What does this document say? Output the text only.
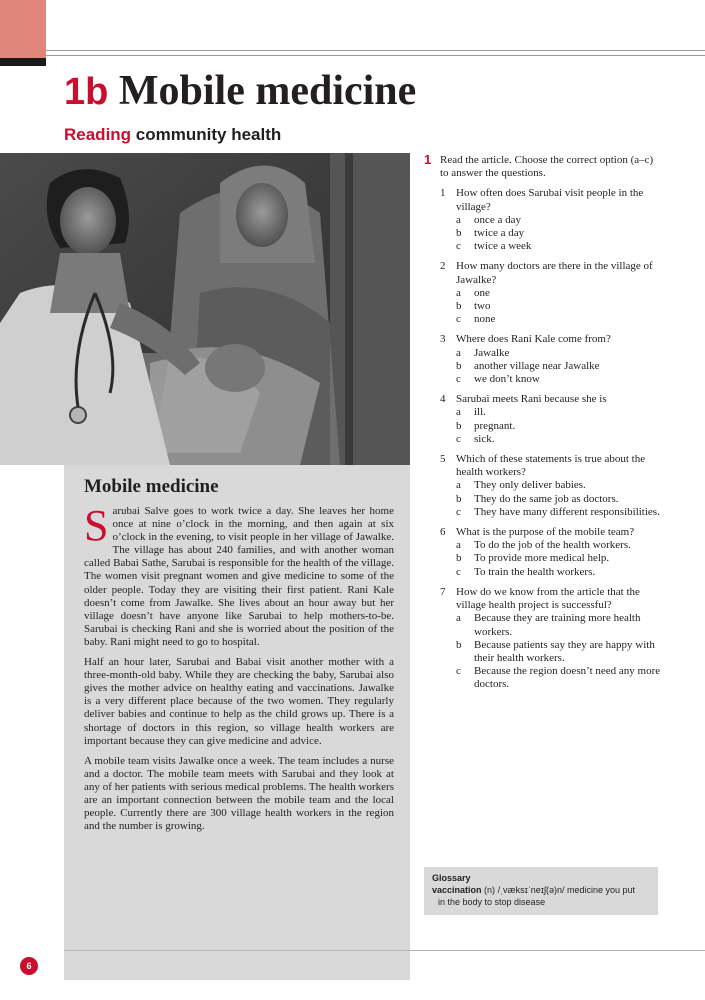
1b Mobile medicine
Reading community health
Mobile medicine

Sarubai Salve goes to work twice a day. She leaves her home once at nine o’clock in the morning, and then again at six o’clock in the evening, to visit people in her village of Jawalke. The village has about 240 families, and with another woman called Babai Sathe, Sarubai is responsible for the health of the village. The women visit pregnant women and give medicine to some of the older people. Today they are visiting their first patient. Rani Kale doesn’t come from Jawalke. She lives about an hour away but her village doesn’t have anyone like Sarubai to help mothers-to-be. Sarubai is checking Rani and she is worried about the position of the baby. Rani might need to go to hospital.

Half an hour later, Sarubai and Babai visit another mother with a three-month-old baby. While they are checking the baby, Sarubai also gives the mother advice on healthy eating and vaccinations. Jawalke is a very different place because of the two women. They regularly deliver babies and continue to help as the child grows up. There is a shortage of doctors in this region, so village health workers are important because they can give medicine and advice.

A mobile team visits Jawalke once a week. The team includes a nurse and a doctor. The mobile team meets with Sarubai and they look at any of her patients with serious medical problems. The health workers are an important connection between the mobile team and the local people. Currently there are 300 village health workers in the region and the number is growing.

1 Read the article. Choose the correct option (a–c) to answer the questions.
1 How often does Sarubai visit people in the village?
a once a day
b twice a day
c twice a week
2 How many doctors are there in the village of Jawalke?
a one
b two
c none
3 Where does Rani Kale come from?
a Jawalke
b another village near Jawalke
c we don’t know
4 Sarubai meets Rani because she is
a ill.
b pregnant.
c sick.
5 Which of these statements is true about the health workers?
a They only deliver babies.
b They do the same job as doctors.
c They have many different responsibilities.
6 What is the purpose of the mobile team?
a To do the job of the health workers.
b To provide more medical help.
c To train the health workers.
7 How do we know from the article that the village health project is successful?
a Because they are training more health workers.
b Because patients say they are happy with their health workers.
c Because the region doesn’t need any more doctors.
Glossary
vaccination (n) /ˌvæksɪˈneɪʃ(ə)n/ medicine you put
in the body to stop disease
6
